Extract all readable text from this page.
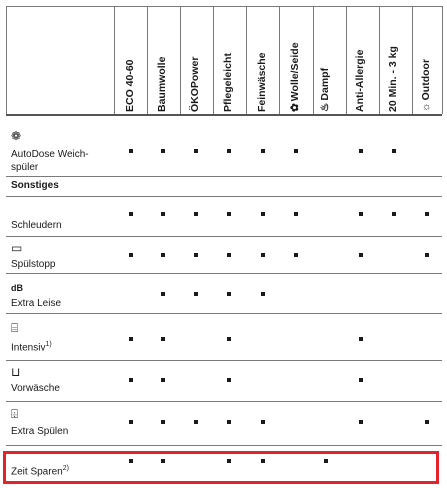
ECO 40-60 Baumwolle ÖKOPower Pflegeleicht Feinwäsche ✿Wolle/Seide
♨Dampf Anti-Allergie 20 Min. - 3 kg ☼Outdoor
❁
AutoDose Weich-
spüler
Sonstiges
Schleudern
▭
Spülstopp
dB
Extra Leise
⌸
Intensiv$^{1)}$
⊔
Vorwäsche
⌹
Extra Spülen
Zeit Sparen$^{2)}$
